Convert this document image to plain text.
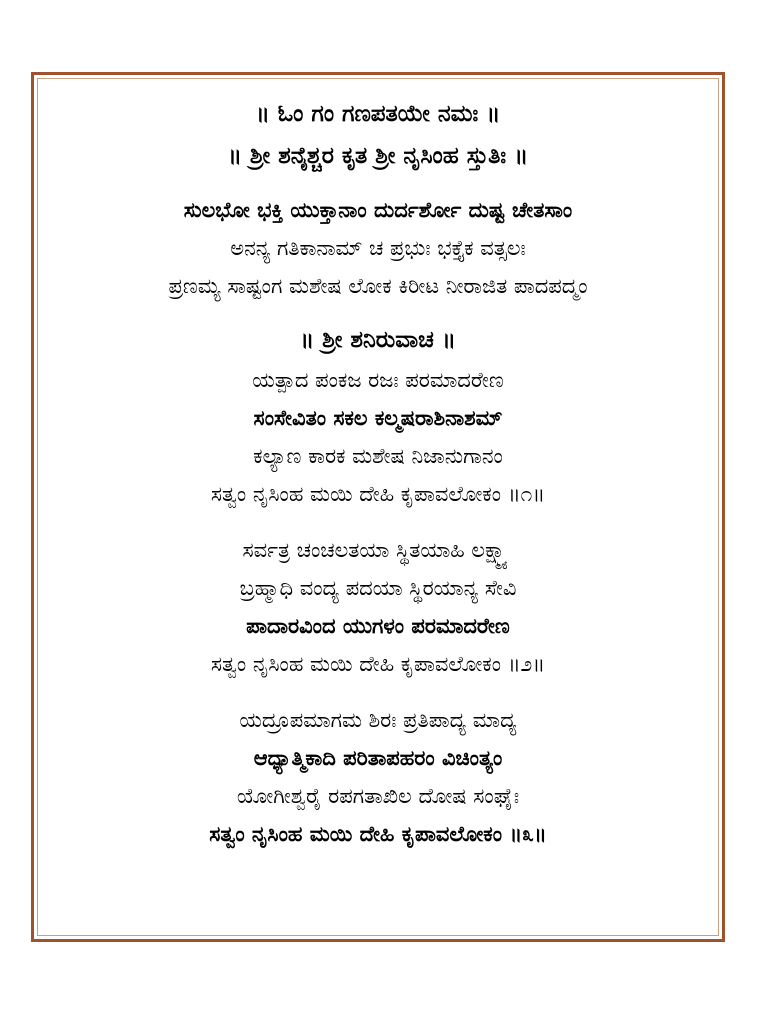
॥ ಓಂ ಗಂ ಗಣಪತಯೇ ನಮಃ ॥
॥ ಶ್ರೀ ಶನೈಶ್ಚರ ಕೃತ ಶ್ರೀ ನೃಸಿಂಹ ಸ್ತುತಿಃ ॥
ಸುಲಭೋ ಭಕ್ತಿ ಯುಕ್ತಾನಾಂ ದುರ್ದರ್ಶೋ ದುಷ್ಟ ಚೇತಸಾಂ
ಅನನ್ಯ ಗತಿಕಾನಾಮ್ ಚ ಪ್ರಭುಃ ಭಕ್ತೈಕ ವತ್ಸಲಃ
ಪ್ರಣಮ್ಯ ಸಾಷ್ಟಂಗ ಮಶೇಷ ಲೋಕ ಕಿರೀಟ ನೀರಾಜಿತ ಪಾದಪದ್ಮಂ
॥ ಶ್ರೀ ಶನಿರುವಾಚ ॥
ಯತ್ಪಾದ ಪಂಕಜ ರಜಃ ಪರಮಾದರೇಣ
ಸಂಸೇವಿತಂ ಸಕಲ ಕಲ್ಮಷರಾಶಿನಾಶಮ್
ಕಲ್ಯಾಣ ಕಾರಕ ಮಶೇಷ ನಿಜಾನುಗಾನಂ
ಸತ್ವಂ ನೃಸಿಂಹ ಮಯಿ ದೇಹಿ ಕೃಪಾವಲೋಕಂ ॥೧॥
ಸರ್ವತ್ರ ಚಂಚಲತಯಾ ಸ್ಥಿತಯಾಹಿ ಲಕ್ಷ್ಮ್ಯಾ
ಬ್ರಹ್ಮಾಧಿ ವಂದ್ಯ ಪದಯಾ ಸ್ಥಿರಯಾನ್ಯ ಸೇವಿ
ಪಾದಾರವಿಂದ ಯುಗಳಂ ಪರಮಾದರೇಣ
ಸತ್ವಂ ನೃಸಿಂಹ ಮಯಿ ದೇಹಿ ಕೃಪಾವಲೋಕಂ ॥೨॥
ಯದ್ರೂಪಮಾಗಮ ಶಿರಃ ಪ್ರತಿಪಾದ್ಯ ಮಾದ್ಯ
ಆಧ್ಯಾತ್ಮಿಕಾದಿ ಪರಿತಾಪಹರಂ ವಿಚಿಂತ್ಯಂ
ಯೋಗೀಶ್ವರೈ ರಪಗತಾಖಿಲ ದೋಷ ಸಂಘೈಃ
ಸತ್ವಂ ನೃಸಿಂಹ ಮಯಿ ದೇಹಿ ಕೃಪಾವಲೋಕಂ ॥೩॥
